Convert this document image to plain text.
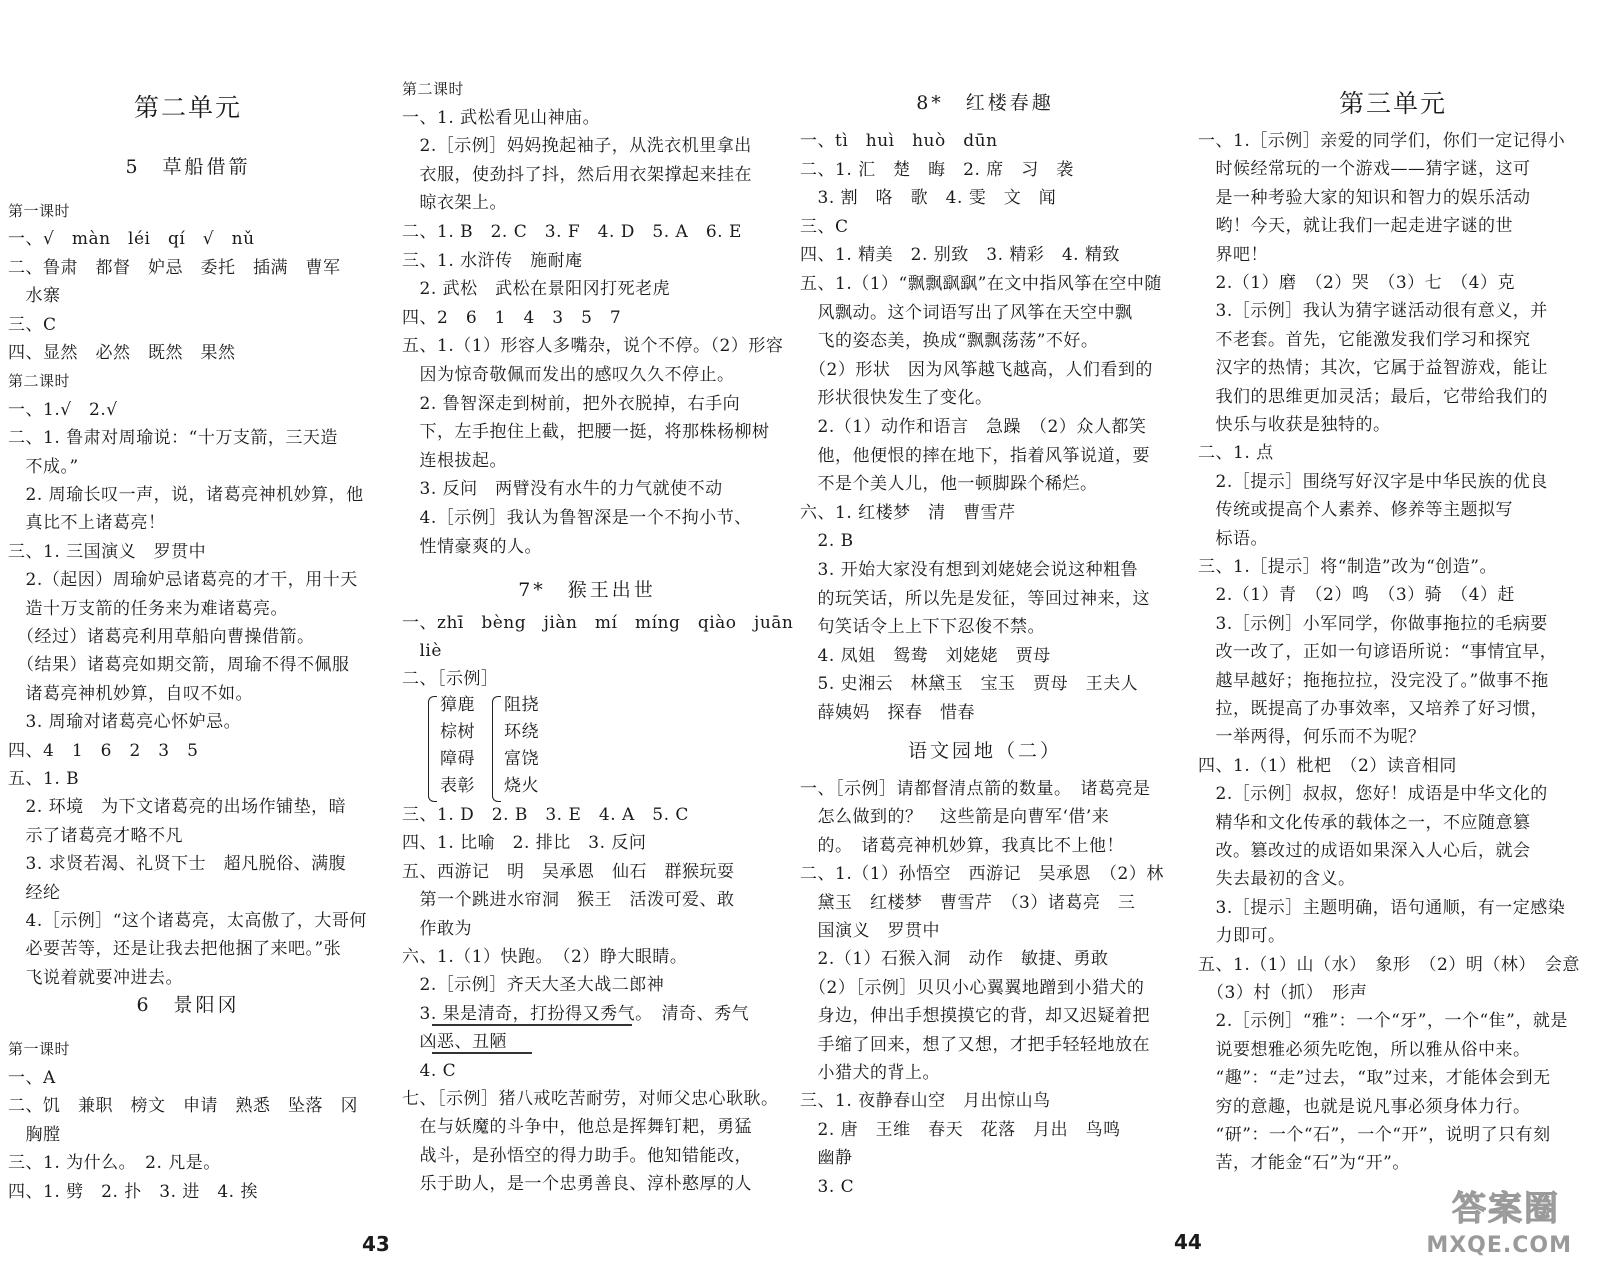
第二单元
5　草船借箭
第一课时
一、√　màn　léi　qí　√　nǔ
二、鲁肃　都督　妒忌　委托　插满　曹军
　水寨
三、C
四、显然　必然　既然　果然
第二课时
一、1.√　2.√
二、1. 鲁肃对周瑜说：“十万支箭，三天造
　不成。”
　2. 周瑜长叹一声，说，诸葛亮神机妙算，他
　真比不上诸葛亮！
三、1. 三国演义　罗贯中
　2.（起因）周瑜妒忌诸葛亮的才干，用十天
　造十万支箭的任务来为难诸葛亮。
　（经过）诸葛亮利用草船向曹操借箭。
　（结果）诸葛亮如期交箭，周瑜不得不佩服
　诸葛亮神机妙算，自叹不如。
　3. 周瑜对诸葛亮心怀妒忌。
四、4　1　6　2　3　5
五、1. B
　2. 环境　为下文诸葛亮的出场作铺垫，暗
　示了诸葛亮才略不凡
　3. 求贤若渴、礼贤下士　超凡脱俗、满腹
　经纶
　4.［示例］“这个诸葛亮，太高傲了，大哥何
　必要苦等，还是让我去把他捆了来吧。”张
　飞说着就要冲进去。
6　景阳冈
第一课时
一、A
二、饥　兼职　榜文　申请　熟悉　坠落　冈
　胸膛
三、1. 为什么。　2. 凡是。
四、1. 劈　2. 扑　3. 进　4. 挨
43
第二课时
一、1. 武松看见山神庙。
　2.［示例］妈妈挽起袖子，从洗衣机里拿出
　衣服，使劲抖了抖，然后用衣架撑起来挂在
　晾衣架上。
二、1. B　2. C　3. F　4. D　5. A　6. E
三、1. 水浒传　施耐庵
　2. 武松　武松在景阳冈打死老虎
四、2　6　1　4　3　5　7
五、1.（1）形容人多嘴杂，说个不停。（2）形容
　因为惊奇敬佩而发出的感叹久久不停止。
　2. 鲁智深走到树前，把外衣脱掉，右手向
　下，左手抱住上截，把腰一挺，将那株杨柳树
　连根拔起。
　3. 反问　两臂没有水牛的力气就使不动
　4.［示例］我认为鲁智深是一个不拘小节、
　性情豪爽的人。
7*　猴王出世
一、zhī　bèng　jiàn　mí　míng　qiào　juān
　liè
二、［示例］
獐鹿
棕树
障碍
表彰
阻挠
环绕
富饶
烧火
三、1. D　2. B　3. E　4. A　5. C
四、1. 比喻　2. 排比　3. 反问
五、西游记　明　吴承恩　仙石　群猴玩耍
　第一个跳进水帘洞　猴王　活泼可爱、敢
　作敢为
六、1.（1）快跑。　（2）睁大眼睛。
　2.［示例］齐天大圣大战二郎神
　3. 果是清奇，打扮得又秀气。　清奇、秀气
　凶恶、丑陋
　4. C
七、［示例］猪八戒吃苦耐劳，对师父忠心耿耿。
　在与妖魔的斗争中，他总是挥舞钉耙，勇猛
　战斗，是孙悟空的得力助手。他知错能改，
　乐于助人，是一个忠勇善良、淳朴憨厚的人
8*　红楼春趣
一、tì　huì　huò　dūn
二、1. 汇　楚　晦　2. 席　习　袭
　3. 割　咯　歌　4. 雯　文　闻
三、C
四、1. 精美　2. 别致　3. 精彩　4. 精致
五、1.（1）“飘飘飖飖”在文中指风筝在空中随
　风飘动。这个词语写出了风筝在天空中飘
　飞的姿态美，换成“飘飘荡荡”不好。
　（2）形状　因为风筝越飞越高，人们看到的
　形状很快发生了变化。
　2.（1）动作和语言　急躁　（2）众人都笑
　他，他便恨的摔在地下，指着风筝说道，要
　不是个美人儿，他一顿脚跺个稀烂。
六、1. 红楼梦　清　曹雪芹
　2. B
　3. 开始大家没有想到刘姥姥会说这种粗鲁
　的玩笑话，所以先是发征，等回过神来，这
　句笑话令上上下下忍俊不禁。
　4. 凤姐　鸳鸯　刘姥姥　贾母
　5. 史湘云　林黛玉　宝玉　贾母　王夫人
　薛姨妈　探春　惜春
语文园地（二）
一、［示例］请都督清点箭的数量。　诸葛亮是
　怎么做到的？　这些箭是向曹军‘借’来
　的。　诸葛亮神机妙算，我真比不上他！
二、1.（1）孙悟空　西游记　吴承恩　（2）林
　黛玉　红楼梦　曹雪芹　（3）诸葛亮　三
　国演义　罗贯中
　2.（1）石猴入洞　动作　敏捷、勇敢
　（2）［示例］贝贝小心翼翼地蹭到小猎犬的
　身边，伸出手想摸摸它的背，却又迟疑着把
　手缩了回来，想了又想，才把手轻轻地放在
　小猎犬的背上。
三、1. 夜静春山空　月出惊山鸟
　2. 唐　王维　春天　花落　月出　鸟鸣
　幽静
　3. C
第三单元
一、1.［示例］亲爱的同学们，你们一定记得小
　时候经常玩的一个游戏——猜字谜，这可
　是一种考验大家的知识和智力的娱乐活动
　哟！今天，就让我们一起走进字谜的世
　界吧！
　2.（1）磨　（2）哭　（3）七　（4）克
　3.［示例］我认为猜字谜活动很有意义，并
　不老套。首先，它能激发我们学习和探究
　汉字的热情；其次，它属于益智游戏，能让
　我们的思维更加灵活；最后，它带给我们的
　快乐与收获是独特的。
二、1. 点
　2.［提示］围绕写好汉字是中华民族的优良
　传统或提高个人素养、修养等主题拟写
　标语。
三、1.［提示］将“制造”改为“创造”。
　2.（1）青　（2）鸣　（3）骑　（4）赶
　3.［示例］小军同学，你做事拖拉的毛病要
　改一改了，正如一句谚语所说：“事情宜早，
　越早越好；拖拖拉拉，没完没了。”做事不拖
　拉，既提高了办事效率，又培养了好习惯，
　一举两得，何乐而不为呢？
四、1.（1）枇杷　（2）读音相同
　2.［示例］叔叔，您好！成语是中华文化的
　精华和文化传承的载体之一，不应随意篡
　改。篡改过的成语如果深入人心后，就会
　失去最初的含义。
　3.［提示］主题明确，语句通顺，有一定感染
　力即可。
五、1.（1）山（水）　象形　（2）明（林）　会意
　（3）村（抓）　形声
　2.［示例］“雅”：一个“牙”，一个“隹”，就是
　说要想雅必须先吃饱，所以雅从俗中来。
　“趣”：“走”过去，“取”过来，才能体会到无
　穷的意趣，也就是说凡事必须身体力行。
　“研”：一个“石”，一个“开”，说明了只有刻
　苦，才能金“石”为“开”。
44
答案圈
MXQE.COM
